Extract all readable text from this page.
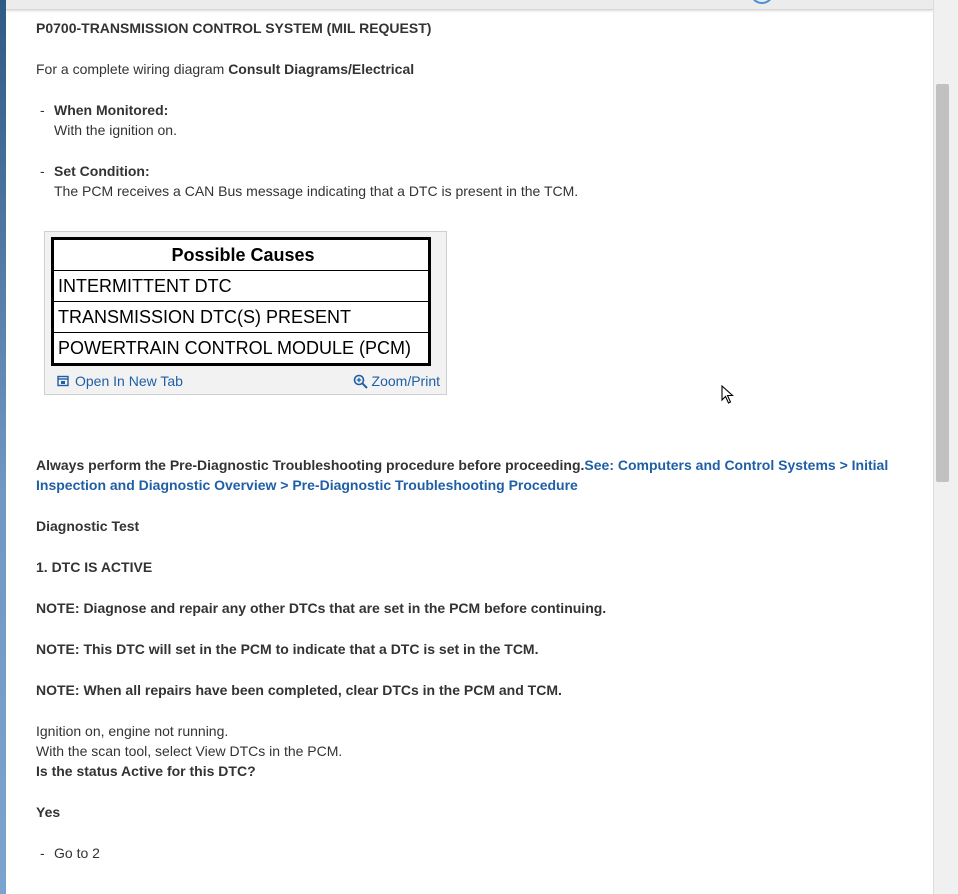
P0700-TRANSMISSION CONTROL SYSTEM (MIL REQUEST)

For a complete wiring diagram Consult Diagrams/Electrical

- When Monitored:

With the ignition on.

- Set Condition:

The PCM receives a CAN Bus message indicating that a DTC is present in the TCM.

Possible Causes
INTERMITTENT DTC
TRANSMISSION DTC(S) PRESENT
POWERTRAIN CONTROL MODULE (PCM)
Open In New Tab	Zoom/Print

Always perform the Pre-Diagnostic Troubleshooting procedure before proceeding.See: Computers and Control Systems > Initial Inspection and Diagnostic Overview > Pre-Diagnostic Troubleshooting Procedure

Diagnostic Test

1. DTC IS ACTIVE

NOTE: Diagnose and repair any other DTCs that are set in the PCM before continuing.

NOTE: This DTC will set in the PCM to indicate that a DTC is set in the TCM.

NOTE: When all repairs have been completed, clear DTCs in the PCM and TCM.

Ignition on, engine not running.

With the scan tool, select View DTCs in the PCM.

Is the status Active for this DTC?

Yes

- Go to 2
